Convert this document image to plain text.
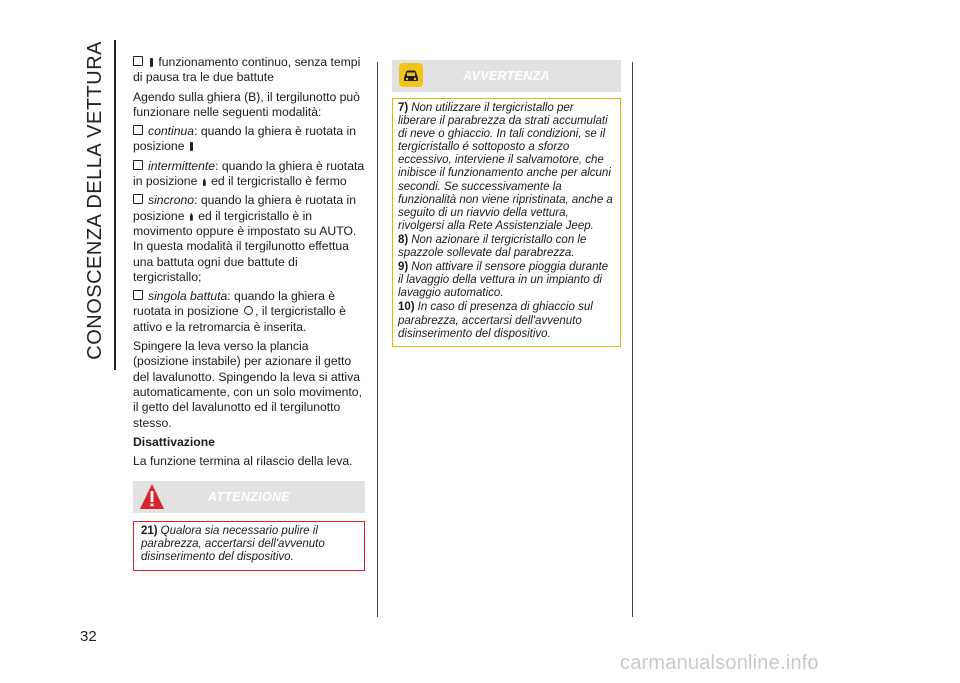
CONOSCENZA DELLA VETTURA
32

funzionamento continuo, senza tempi di pausa tra le due battute

Agendo sulla ghiera (B), il tergilunotto può funzionare nelle seguenti modalità:

continua: quando la ghiera è ruotata in posizione

intermittente: quando la ghiera è ruotata in posizione ed il tergicristallo è fermo

sincrono: quando la ghiera è ruotata in posizione ed il tergicristallo è in movimento oppure è impostato su AUTO. In questa modalità il tergilunotto effettua una battuta ogni due battute di tergicristallo;

singola battuta: quando la ghiera è ruotata in posizione , il tergicristallo è attivo e la retromarcia è inserita.

Spingere la leva verso la plancia (posizione instabile) per azionare il getto del lavalunotto. Spingendo la leva si attiva automaticamente, con un solo movimento, il getto del lavalunotto ed il tergilunotto stesso.

Disattivazione

La funzione termina al rilascio della leva.

ATTENZIONE

21) Qualora sia necessario pulire il parabrezza, accertarsi dell'avvenuto disinserimento del dispositivo.

AVVERTENZA

7) Non utilizzare il tergicristallo per liberare il parabrezza da strati accumulati di neve o ghiaccio. In tali condizioni, se il tergicristallo é sottoposto a sforzo eccessivo, interviene il salvamotore, che inibisce il funzionamento anche per alcuni secondi. Se successivamente la funzionalità non viene ripristinata, anche a seguito di un riavvio della vettura, rivolgersi alla Rete Assistenziale Jeep.

8) Non azionare il tergicristallo con le spazzole sollevate dal parabrezza.

9) Non attivare il sensore pioggia durante il lavaggio della vettura in un impianto di lavaggio automatico.

10) In caso di presenza di ghiaccio sul parabrezza, accertarsi dell'avvenuto disinserimento del dispositivo.

carmanualsonline.info
